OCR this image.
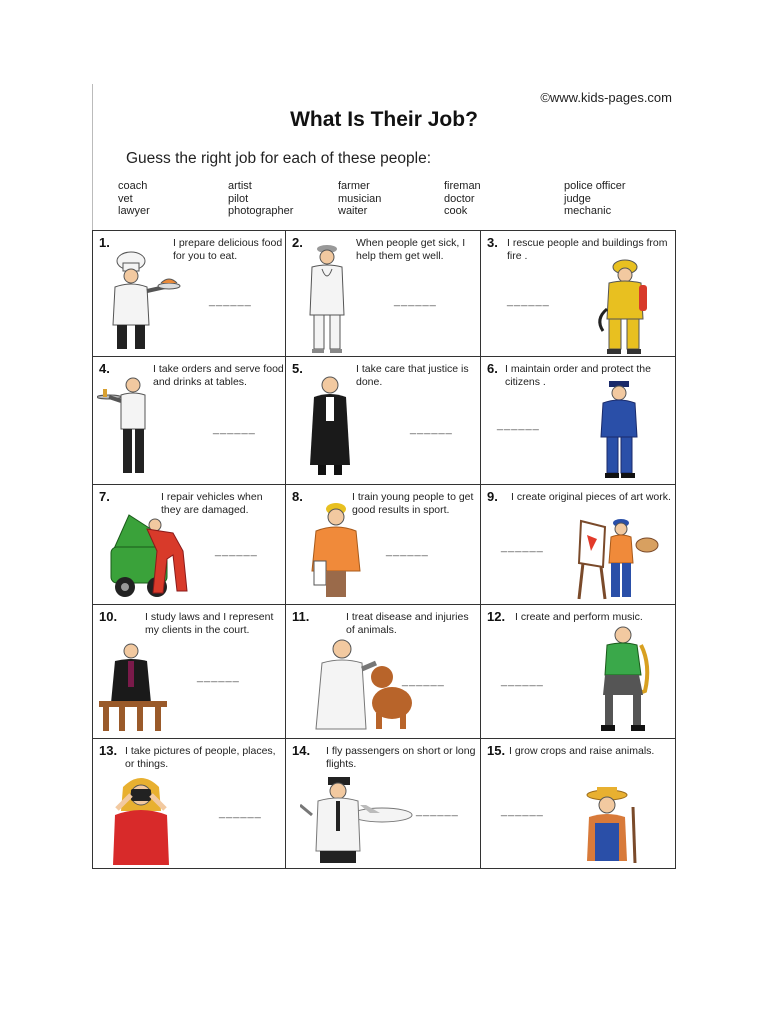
©www.kids-pages.com
What Is Their Job?
Guess the right job for each of these people:
coach
vet
lawyer
artist
pilot
photographer
farmer
musician
waiter
fireman
doctor
cook
police officer
judge
mechanic
1.	I prepare delicious food for you to eat.
______
2.	When people get sick, I help them get well.
______
3. I rescue people and buildings from fire .
______
4.	I take orders and serve food and drinks at tables.
______
5.	I take care that justice is done.
______
6. I maintain order and protect the citizens .
______
7.	I repair vehicles when they are damaged.
______
8.	I train young people to get good results in sport.
______
9. I create original pieces of art work.
______
10.	I study laws and I represent my clients in the court.
______
11.	I treat disease and injuries of animals.
______
12. I create and perform music.
______
13. I take pictures of people, places, or things.
______
14. I fly passengers on short or long flights.
______
15. I grow crops and raise animals.
______
